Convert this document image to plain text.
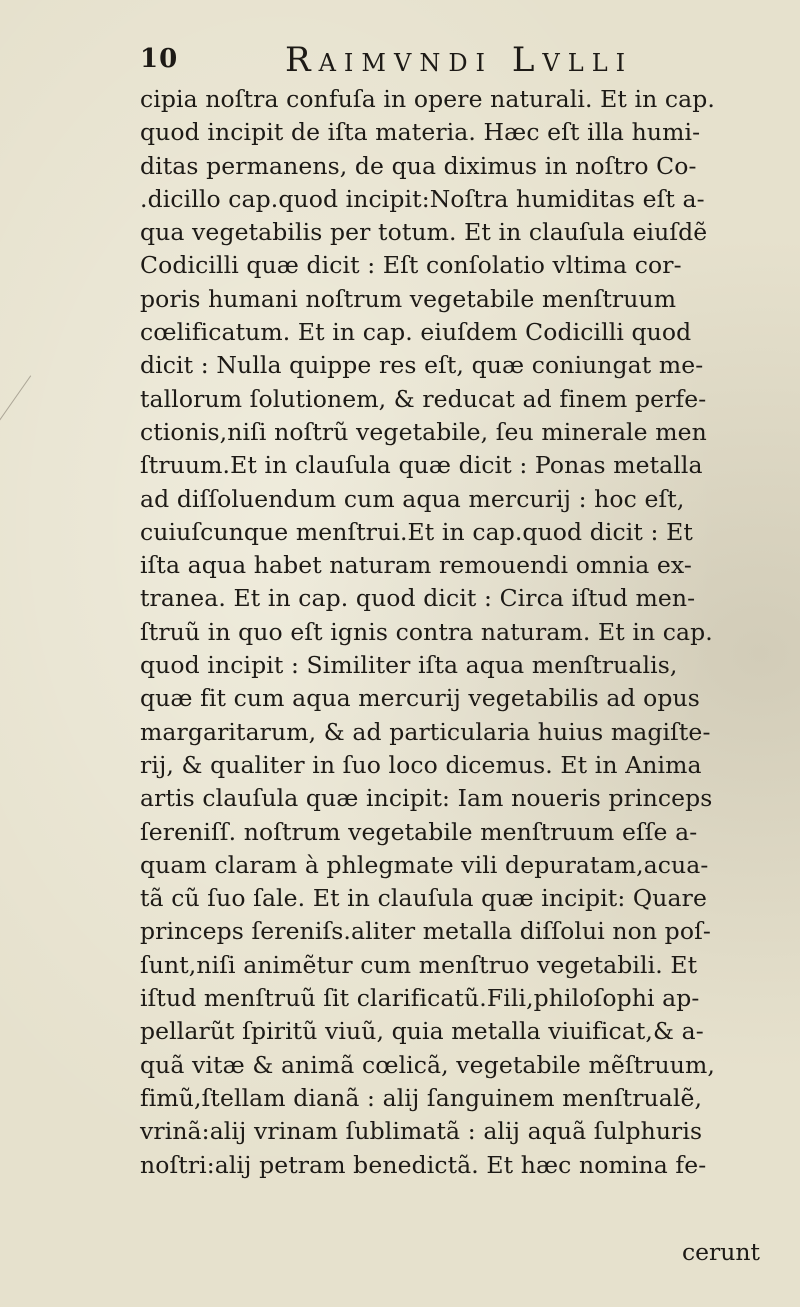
10	Raimvndi Lvlli
cipia noſtra confuſa in opere naturali. Et in cap.
quod incipit de iſta materia. Hæc eſt illa humi-
ditas permanens, de qua diximus in noſtro Co-
.dicillo cap.quod incipit:Noſtra humiditas eſt a-
qua vegetabilis per totum. Et in clauſula eiuſdẽ
Codicilli quæ dicit : Eſt conſolatio vltima cor-
poris humani noſtrum vegetabile menſtruum
cœlificatum. Et in cap. eiuſdem Codicilli quod
dicit : Nulla quippe res eſt, quæ coniungat me-
tallorum ſolutionem, & reducat ad finem perfe-
ctionis,niſi noſtrũ vegetabile, ſeu minerale men
ſtruum.Et in clauſula quæ dicit : Ponas metalla
ad diſſoluendum cum aqua mercurij : hoc eſt,
cuiuſcunque menſtrui.Et in cap.quod dicit : Et
iſta aqua habet naturam remouendi omnia ex-
tranea. Et in cap. quod dicit : Circa iſtud men-
ſtruũ in quo eſt ignis contra naturam. Et in cap.
quod incipit : Similiter iſta aqua menſtrualis,
quæ fit cum aqua mercurij vegetabilis ad opus
margaritarum, & ad particularia huius magiſte-
rij, & qualiter in ſuo loco dicemus. Et in Anima
artis clauſula quæ incipit: Iam noueris princeps
ſereniſſ. noſtrum vegetabile menſtruum eſſe a-
quam claram à phlegmate vili depuratam,acua-
tã cũ ſuo ſale. Et in clauſula quæ incipit: Quare
princeps ſereniſs.aliter metalla diſſolui non poſ-
ſunt,niſi animẽtur cum menſtruo vegetabili. Et
iſtud menſtruũ ſit clarificatũ.Fili,philoſophi ap-
pellarũt ſpiritũ viuũ, quia metalla viuificat,& a-
quã vitæ & animã cœlicã, vegetabile mẽſtruum,
fimũ,ſtellam dianã : alij ſanguinem menſtrualẽ,
vrinã:alij vrinam ſublimatã : alij aquã ſulphuris
noſtri:alij petram benedictã. Et hæc nomina fe-
cerunt
